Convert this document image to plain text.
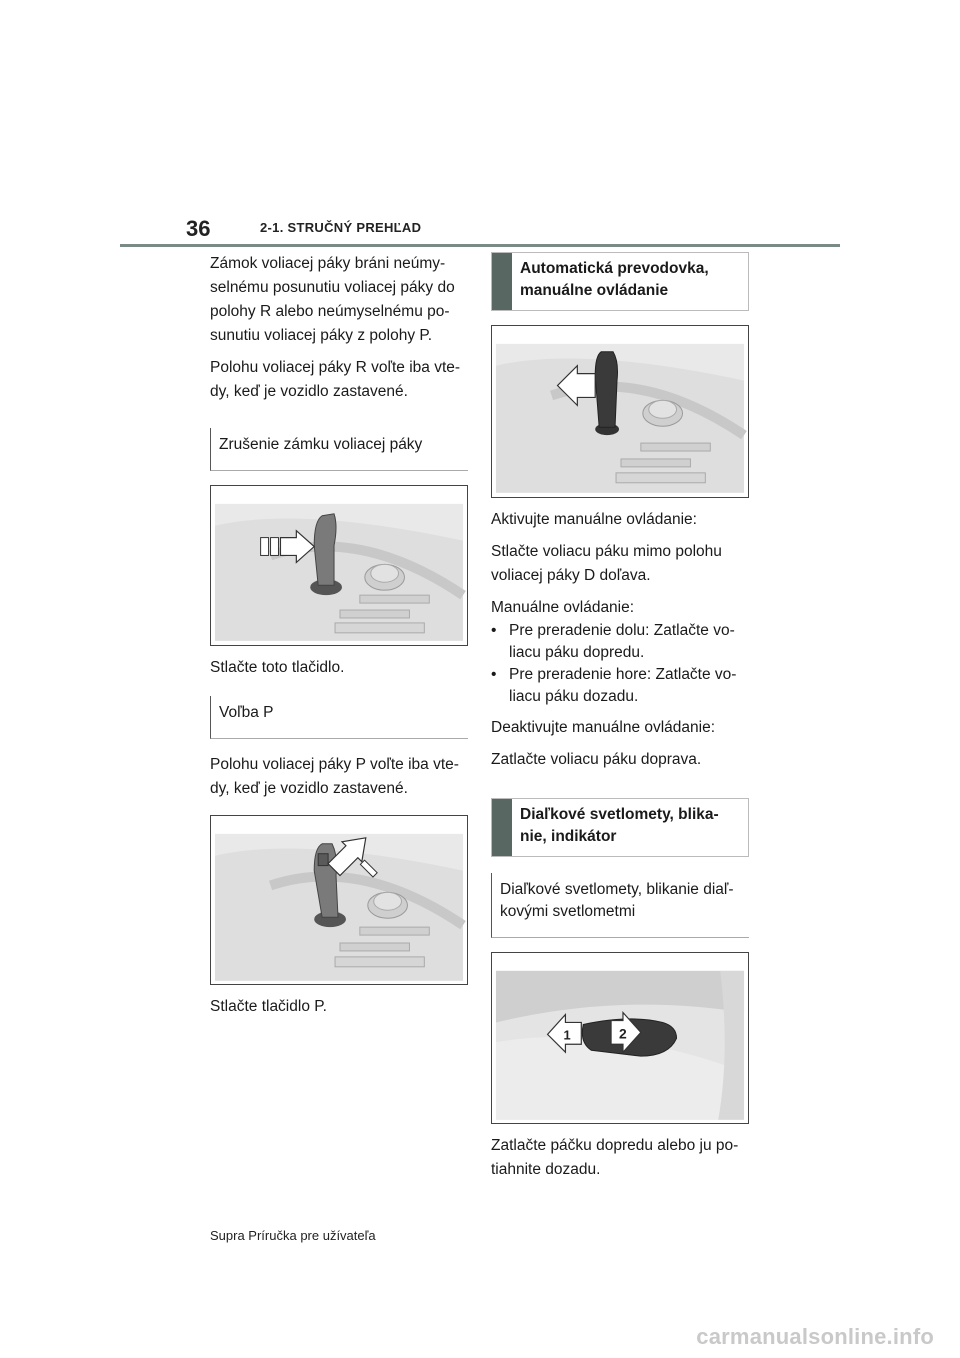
36	2-1. STRUČNÝ PREHĽAD

Zámok voliacej páky bráni neúmy-selnému posunutiu voliacej páky do polohy R alebo neúmyselnému po-sunutiu voliacej páky z polohy P.

Polohu voliacej páky R voľte iba vte-dy, keď je vozidlo zastavené.

Zrušenie zámku voliacej páky

Stlačte toto tlačidlo.

Voľba P

Polohu voliacej páky P voľte iba vte-dy, keď je vozidlo zastavené.

Stlačte tlačidlo P.

Automatická prevodovka, manuálne ovládanie

Aktivujte manuálne ovládanie:

Stlačte voliacu páku mimo polohu voliacej páky D doľava.

Manuálne ovládanie:

• Pre preradenie dolu: Zatlačte vo-liacu páku dopredu.
• Pre preradenie hore: Zatlačte vo-liacu páku dozadu.

Deaktivujte manuálne ovládanie:

Zatlačte voliacu páku doprava.

Diaľkové svetlomety, blika-nie, indikátor
Diaľkové svetlomety, blikanie diaľ-kovými svetlometmi
1	2

Zatlačte páčku dopredu alebo ju po-tiahnite dozadu.

Supra Príručka pre užívateľa
carmanualsonline.info
